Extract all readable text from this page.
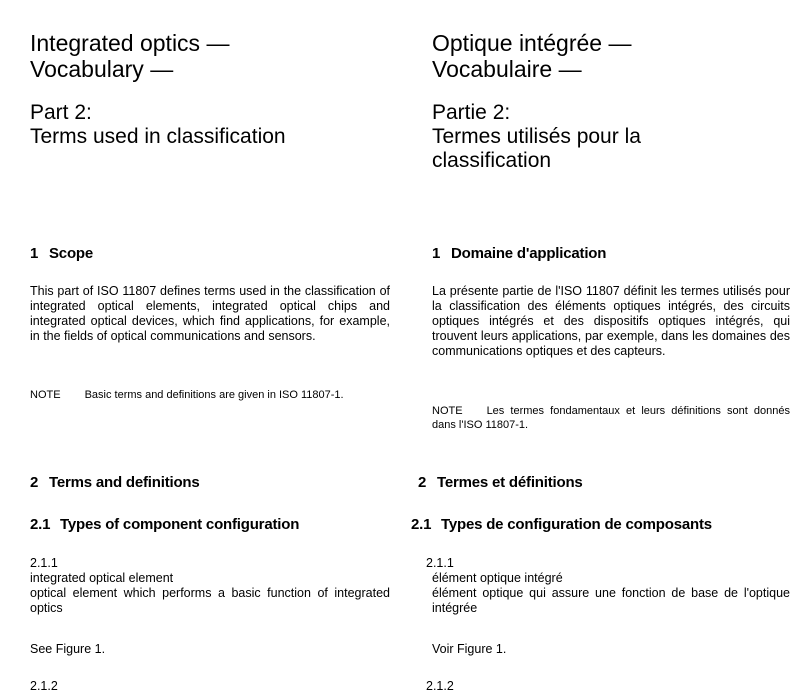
Integrated optics —
Vocabulary —
Part 2:
Terms used in classification
1 Scope

This part of ISO 11807 defines terms used in the classification of integrated optical elements, integrated optical chips and integrated optical devices, which find applications, for example, in the fields of optical communications and sensors.

NOTE Basic terms and definitions are given in ISO 11807-1.

2 Terms and definitions
2.1 Types of component configuration
2.1.1
integrated optical element

optical element which performs a basic function of integrated optics

See Figure 1.
2.1.2
Optique intégrée —
Vocabulaire —
Partie 2:
Termes utilisés pour la
classification
1 Domaine d'application

La présente partie de l'ISO 11807 définit les termes utilisés pour la classification des éléments optiques intégrés, des circuits optiques intégrés et des dispositifs optiques intégrés, qui trouvent leurs applications, par exemple, dans les domaines des communications optiques et des capteurs.

NOTE Les termes fondamentaux et leurs définitions sont donnés dans l'ISO 11807-1.

2 Termes et définitions
2.1 Types de configuration de composants
2.1.1
élément optique intégré

élément optique qui assure une fonction de base de l'optique intégrée

Voir Figure 1.
2.1.2
